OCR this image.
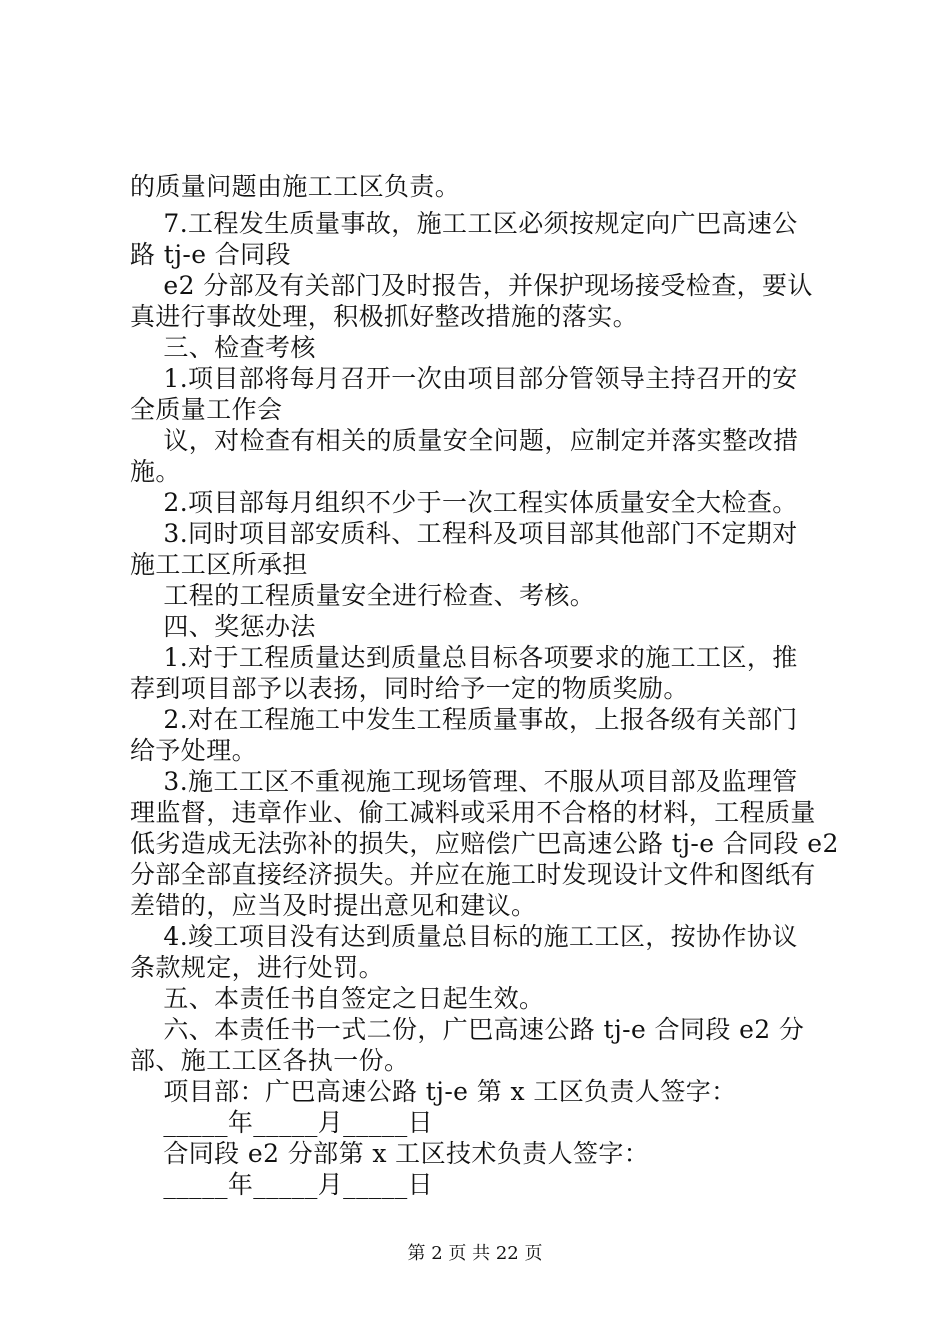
的质量问题由施工工区负责。
7.工程发生质量事故，施工工区必须按规定向广巴高速公
路 tj-e 合同段
e2 分部及有关部门及时报告，并保护现场接受检查，要认
真进行事故处理，积极抓好整改措施的落实。
三、检查考核
1.项目部将每月召开一次由项目部分管领导主持召开的安
全质量工作会
议，对检查有相关的质量安全问题，应制定并落实整改措
施。
2.项目部每月组织不少于一次工程实体质量安全大检查。
3.同时项目部安质科、工程科及项目部其他部门不定期对
施工工区所承担
工程的工程质量安全进行检查、考核。
四、奖惩办法
1.对于工程质量达到质量总目标各项要求的施工工区，推
荐到项目部予以表扬，同时给予一定的物质奖励。
2.对在工程施工中发生工程质量事故，上报各级有关部门
给予处理。
3.施工工区不重视施工现场管理、不服从项目部及监理管
理监督，违章作业、偷工减料或采用不合格的材料，工程质量
低劣造成无法弥补的损失，应赔偿广巴高速公路 tj-e 合同段 e2
分部全部直接经济损失。并应在施工时发现设计文件和图纸有
差错的，应当及时提出意见和建议。
4.竣工项目没有达到质量总目标的施工工区，按协作协议
条款规定，进行处罚。
五、本责任书自签定之日起生效。
六、本责任书一式二份，广巴高速公路 tj-e 合同段 e2 分
部、施工工区各执一份。
项目部：广巴高速公路 tj-e 第 x 工区负责人签字：
_____年_____月_____日
合同段 e2 分部第 x 工区技术负责人签字：
_____年_____月_____日
第 2 页 共 22 页
